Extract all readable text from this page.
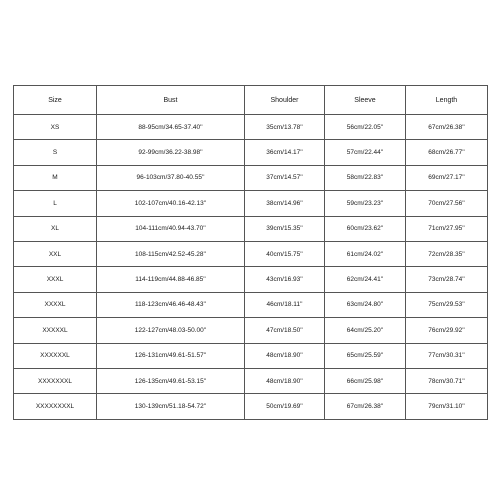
Size	Bust	Shoulder	Sleeve	Length
XS	88-95cm/34.65-37.40''	35cm/13.78''	56cm/22.05''	67cm/26.38''
S	92-99cm/36.22-38.98''	36cm/14.17''	57cm/22.44''	68cm/26.77''
M	96-103cm/37.80-40.55''	37cm/14.57''	58cm/22.83''	69cm/27.17''
L	102-107cm/40.16-42.13''	38cm/14.96''	59cm/23.23''	70cm/27.56''
XL	104-111cm/40.94-43.70''	39cm/15.35''	60cm/23.62''	71cm/27.95''
XXL	108-115cm/42.52-45.28''	40cm/15.75''	61cm/24.02''	72cm/28.35''
XXXL	114-119cm/44.88-46.85''	43cm/16.93''	62cm/24.41''	73cm/28.74''
XXXXL	118-123cm/46.46-48.43''	46cm/18.11''	63cm/24.80''	75cm/29.53''
XXXXXL	122-127cm/48.03-50.00''	47cm/18.50''	64cm/25.20''	76cm/29.92''
XXXXXXL	126-131cm/49.61-51.57''	48cm/18.90''	65cm/25.59''	77cm/30.31''
XXXXXXXL	126-135cm/49.61-53.15''	48cm/18.90''	66cm/25.98''	78cm/30.71''
XXXXXXXXL	130-139cm/51.18-54.72''	50cm/19.69''	67cm/26.38''	79cm/31.10''
